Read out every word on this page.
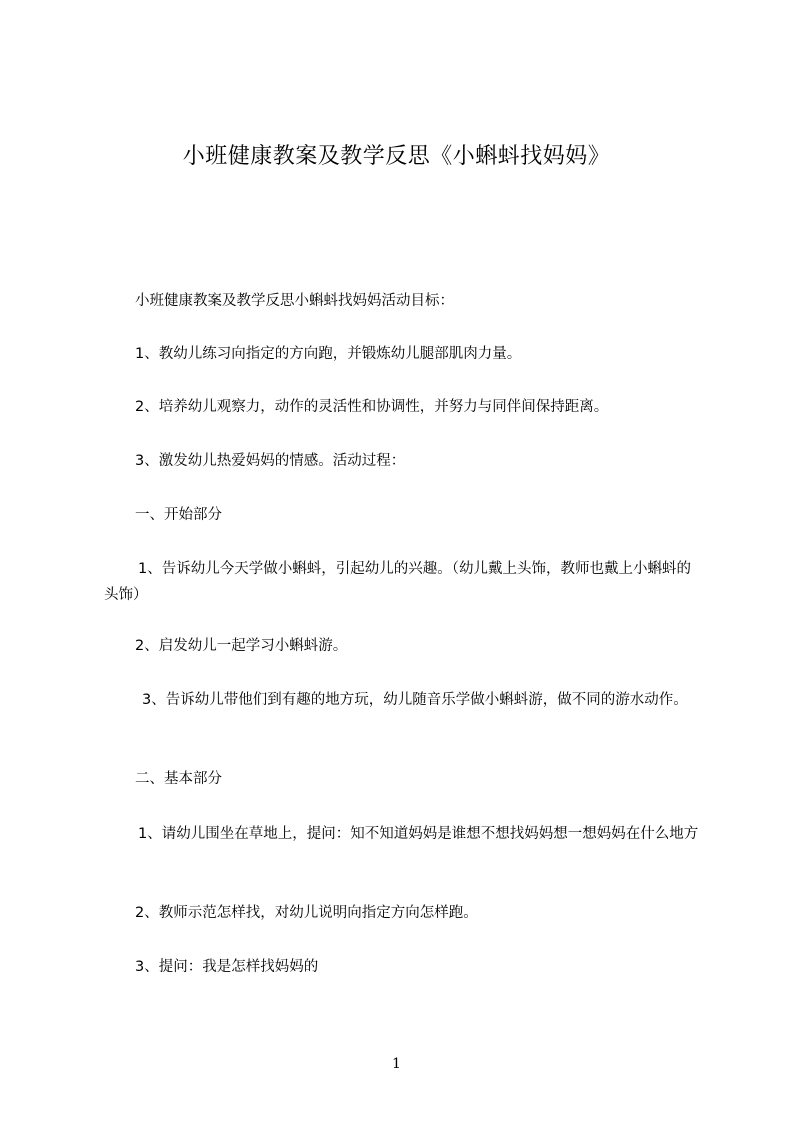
小班健康教案及教学反思《小蝌蚪找妈妈》

小班健康教案及教学反思小蝌蚪找妈妈活动目标：

1、教幼儿练习向指定的方向跑，并锻炼幼儿腿部肌肉力量。

2、培养幼儿观察力，动作的灵活性和协调性，并努力与同伴间保持距离。

3、激发幼儿热爱妈妈的情感。活动过程：

一、开始部分

1、告诉幼儿今天学做小蝌蚪，引起幼儿的兴趣。（幼儿戴上头饰，教师也戴上小蝌蚪的头饰）

2、启发幼儿一起学习小蝌蚪游。

3、告诉幼儿带他们到有趣的地方玩，幼儿随音乐学做小蝌蚪游，做不同的游水动作。

二、基本部分

1、请幼儿围坐在草地上，提问：知不知道妈妈是谁想不想找妈妈想一想妈妈在什么地方

2、教师示范怎样找，对幼儿说明向指定方向怎样跑。

3、提问：我是怎样找妈妈的

1
